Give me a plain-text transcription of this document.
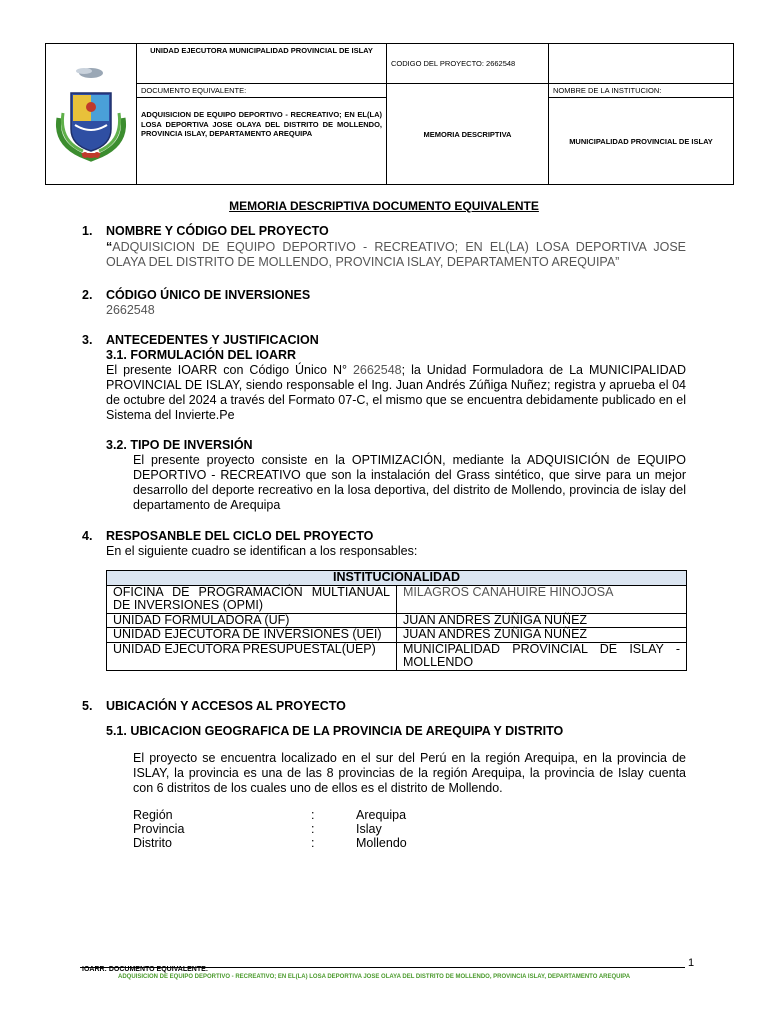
	UNIDAD EJECUTORA MUNICIPALIDAD PROVINCIAL DE ISLAY	CODIGO DEL PROYECTO: 2662548	
	DOCUMENTO EQUIVALENTE:	MEMORIA DESCRIPTIVA	NOMBRE DE LA INSTITUCION:
	ADQUISICION DE EQUIPO DEPORTIVO - RECREATIVO; EN EL(LA) LOSA DEPORTIVA JOSE OLAYA DEL DISTRITO DE MOLLENDO, PROVINCIA ISLAY, DEPARTAMENTO AREQUIPA		MUNICIPALIDAD PROVINCIAL DE ISLAY
MEMORIA DESCRIPTIVA DOCUMENTO EQUIVALENTE
1. NOMBRE Y CÓDIGO DEL PROYECTO
“ADQUISICION DE EQUIPO DEPORTIVO - RECREATIVO; EN EL(LA) LOSA DEPORTIVA JOSE OLAYA DEL DISTRITO DE MOLLENDO, PROVINCIA ISLAY, DEPARTAMENTO AREQUIPA”
2. CÓDIGO ÚNICO DE INVERSIONES
2662548
3. ANTECEDENTES Y JUSTIFICACION
3.1. FORMULACIÓN DEL IOARR
El presente IOARR con Código Único N° 2662548; la Unidad Formuladora de La MUNICIPALIDAD PROVINCIAL DE ISLAY, siendo responsable el Ing. Juan Andrés Zúñiga Nuñez; registra y aprueba el 04 de octubre del 2024 a través del Formato 07-C, el mismo que se encuentra debidamente publicado en el Sistema del Invierte.Pe
3.2. TIPO DE INVERSIÓN
El presente proyecto consiste en la OPTIMIZACIÓN, mediante la ADQUISICIÓN de EQUIPO DEPORTIVO - RECREATIVO que son la instalación del Grass sintético, que sirve para un mejor desarrollo del deporte recreativo en la losa deportiva, del distrito de Mollendo, provincia de islay del departamento de Arequipa
4. RESPOSANBLE DEL CICLO DEL PROYECTO
En el siguiente cuadro se identifican a los responsables:
INSTITUCIONALIDAD	
OFICINA DE PROGRAMACIÓN MULTIANUAL DE INVERSIONES (OPMI)	MILAGROS CANAHUIRE HINOJOSA
UNIDAD FORMULADORA (UF)	JUAN ANDRES ZUÑIGA NUÑEZ
UNIDAD EJECUTORA DE INVERSIONES (UEI)	JUAN ANDRES ZUÑIGA NUÑEZ
UNIDAD EJECUTORA PRESUPUESTAL(UEP)	MUNICIPALIDAD PROVINCIAL DE ISLAY - MOLLENDO
5. UBICACIÓN Y ACCESOS AL PROYECTO
5.1. UBICACION GEOGRAFICA DE LA PROVINCIA DE AREQUIPA Y DISTRITO
El proyecto se encuentra localizado en el sur del Perú en la región Arequipa, en la provincia de ISLAY, la provincia es una de las 8 provincias de la región Arequipa, la provincia de Islay cuenta con 6 distritos de los cuales uno de ellos es el distrito de Mollendo.
Región	:	Arequipa
Provincia	:	Islay
Distrito	:	Mollendo
1
IOARR: DOCUMENTO EQUIVALENTE:
ADQUISICION DE EQUIPO DEPORTIVO - RECREATIVO; EN EL(LA) LOSA DEPORTIVA JOSE OLAYA DEL DISTRITO DE MOLLENDO, PROVINCIA ISLAY, DEPARTAMENTO AREQUIPA
